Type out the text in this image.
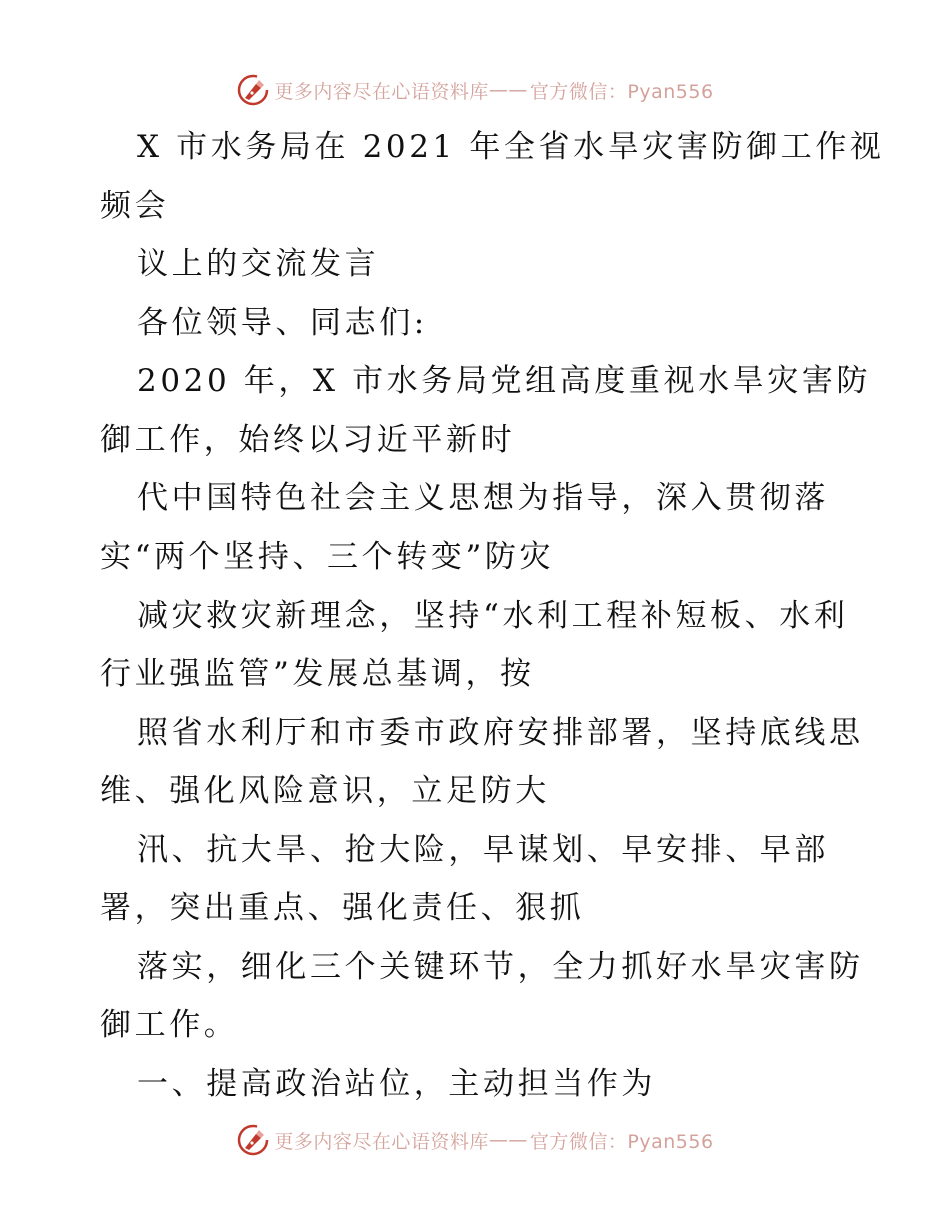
更多内容尽在心语资料库 —— 官方微信：Pyan556
X 市水务局在 2021 年全省水旱灾害防御工作视
频会
议上的交流发言
各位领导、同志们:
2020 年，X 市水务局党组高度重视水旱灾害防
御工作，始终以习近平新时
代中国特色社会主义思想为指导，深入贯彻落
实“两个坚持、三个转变”防灾
减灾救灾新理念，坚持“水利工程补短板、水利
行业强监管”发展总基调，按
照省水利厅和市委市政府安排部署，坚持底线思
维、强化风险意识，立足防大
汛、抗大旱、抢大险，早谋划、早安排、早部
署，突出重点、强化责任、狠抓
落实，细化三个关键环节，全力抓好水旱灾害防
御工作。
一、提高政治站位，主动担当作为
更多内容尽在心语资料库 —— 官方微信：Pyan556
